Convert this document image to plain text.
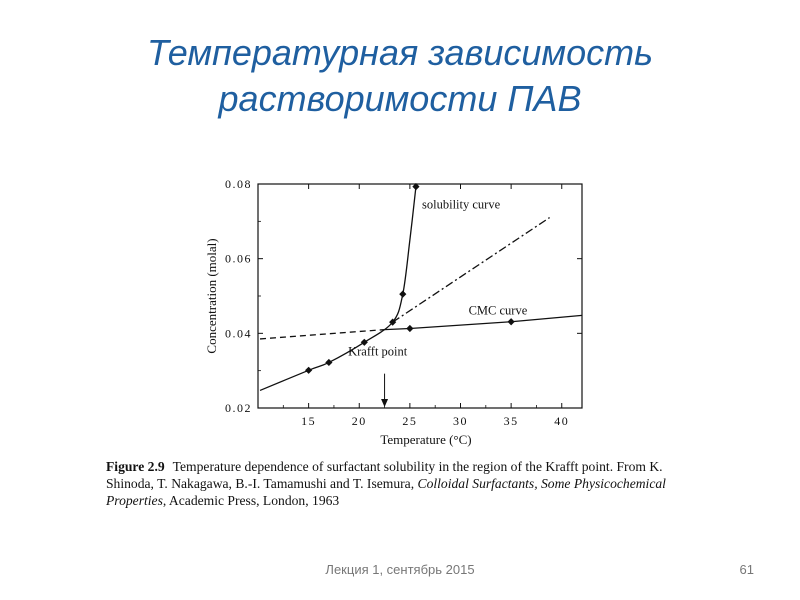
Температурная зависимость
растворимости ПАВ
15	20	25	30	35	40
0.02
0.04
0.06
0.08
Temperature (°C)
Concentration (molal)
solubility curve
CMC curve
Krafft point
Figure 2.9 Temperature dependence of surfactant solubility in the region of the Krafft point. From K. Shinoda, T. Nakagawa, B.-I. Tamamushi and T. Isemura, Colloidal Surfactants, Some Physicochemical Properties, Academic Press, London, 1963
Лекция 1, сентябрь 2015	61
